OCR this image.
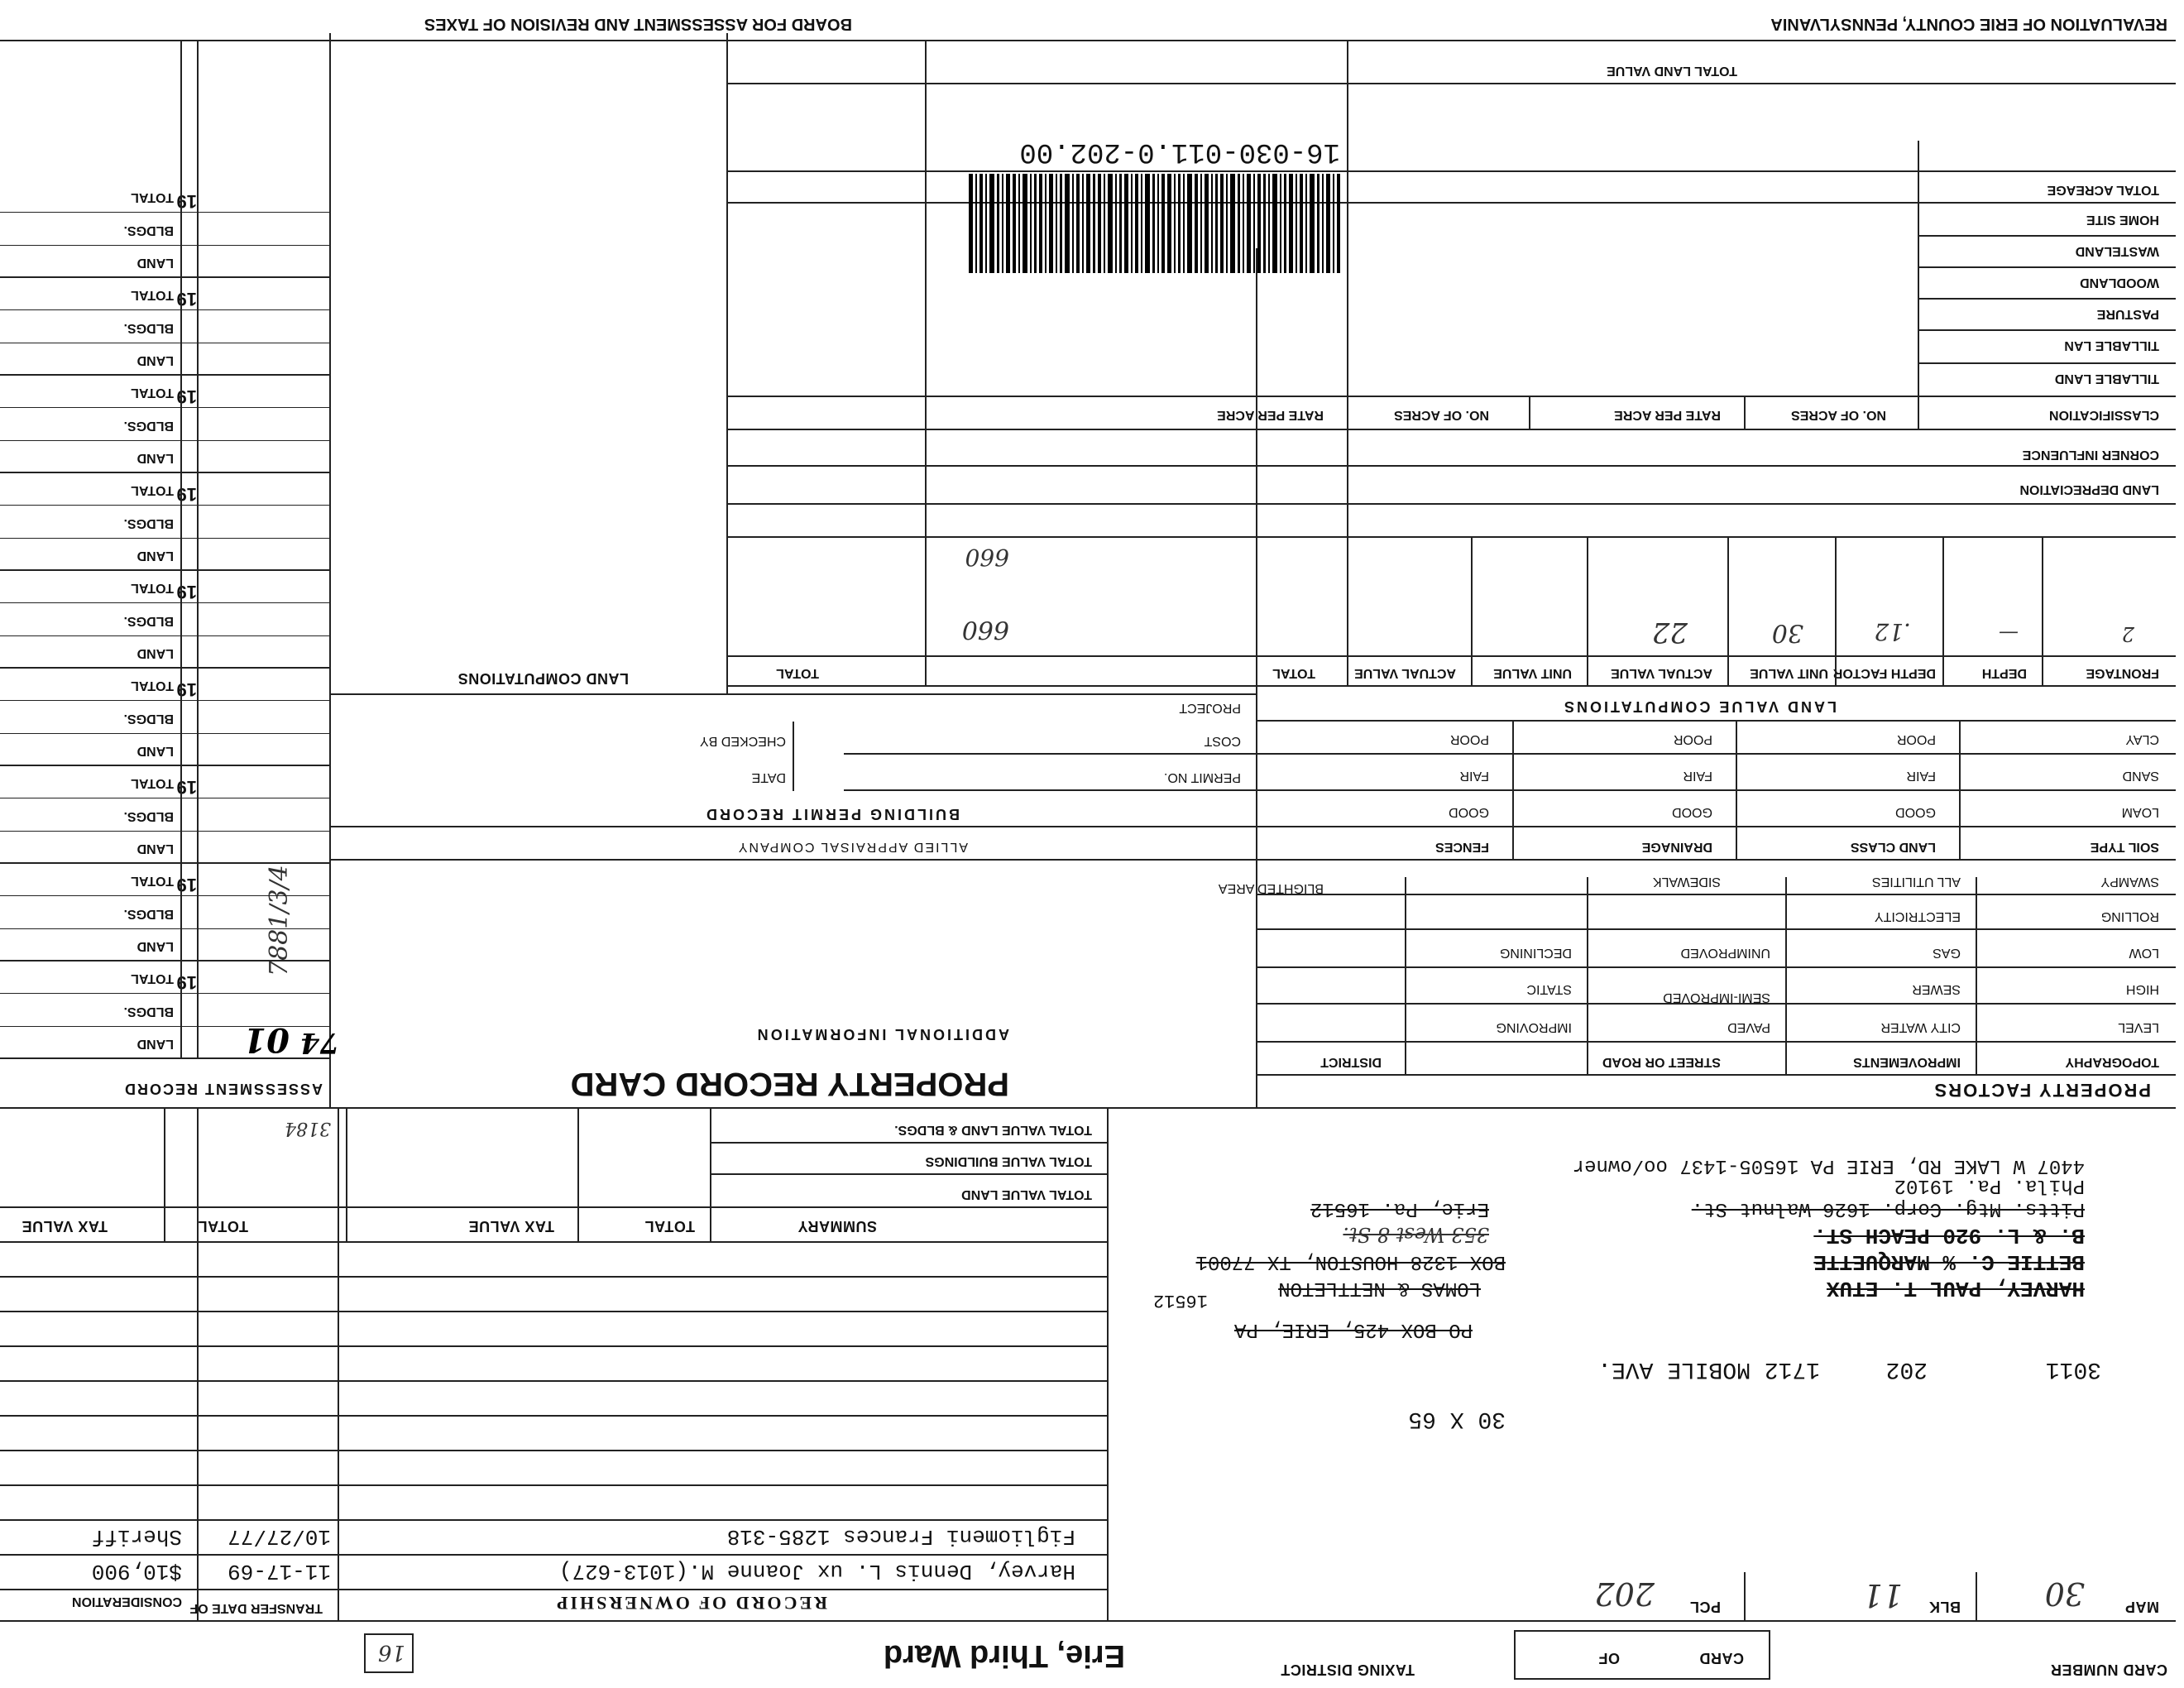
REVALUATION OF ERIE COUNTY, PENNSYLVANIA
BOARD FOR ASSESSMENT AND REVISION OF TAXES
CARD NUMBER
CARD
OF
TAXING DISTRICT
Erie, Third Ward
16
MAP
30
BLK
11
PCL
202
3011
202
1712 MOBILE AVE.
30 X 65
HARVEY, PAUL T. ETUX
BETTIE C. % MARQUETTE
B. & L. 920 PEACH ST.
LOMAS & NETTLETON
16512
BOX 1328 HOUSTON, TX 77001
353 West 8 St.
PO BOX 425, ERIE, PA
Pitts. Mtg. Corp. 1626 Walnut St.
Erie, Pa. 16512
Phila. Pa. 19102
4407 W LAKE RD, ERIE PA 16505-1437 oo/owner
RECORD OF OWNERSHIP
TRANSFER DATE OF
CONSIDERATION
Harvey, Dennis L. ux Joanne M.(1013-627)
11-17-69
$10,900
Figliomeni Frances 1285-318
10/27/77
Sheriff
SUMMARY
TOTAL
TAX VALUE
TOTAL
TAX VALUE
TOTAL VALUE LAND
TOTAL VALUE BUILDINGS
TOTAL VALUE LAND & BLDGS.
3184
PROPERTY FACTORS
PROPERTY RECORD CARD
ASSESSMENT RECORD
TOPOGRAPHY
IMPROVEMENTS
STREET OR ROAD
DISTRICT
LEVEL
CITY WATER
PAVED
IMPROVING
HIGH
SEWER
SEMI-IMPROVED
STATIC
LOW
GAS
UNIMPROVED
DECLINING
ROLLING
ELECTRICITY
SWAMPY
ALL UTILITIES
SIDEWALK
BLIGHTED AREA
SOIL TYPE
LAND CLASS
DRAINAGE
FENCES
LOAM
GOOD
GOOD
GOOD
SAND
FAIR
FAIR
FAIR
CLAY
POOR
POOR
POOR
ADDITIONAL INFORMATION
ALLIED APPRAISAL COMPANY
BUILDING PERMIT RECORD
PERMIT NO.
DATE
COST
CHECKED BY
PROJECT	LAND VALUE COMPUTATIONS
LAND COMPUTATIONS	FRONTAGE
DEPTH
DEPTH FACTOR
UNIT VALUE
ACTUAL VALUE
UNIT VALUE
ACTUAL VALUE
TOTAL
TOTAL
2
—
.12
30
22
660
LAND DEPRECIATION
CORNER INFLUENCE
CLASSIFICATION
NO. OF ACRES
RATE PER ACRE
NO. OF ACRES
RATE PER ACRE
TILLABLE LAND
TILLABLE LAN
PASTURE
WOODLAND
WASTELAND
HOME SITE
TOTAL ACREAGE
TOTAL LAND VALUE
16-030-011.0-202.00
660
01 74
7881/3/4
19
LAND
BLDGS.
TOTAL
19
LAND
BLDGS.
TOTAL
19
LAND
BLDGS.
TOTAL
19
LAND
BLDGS.
TOTAL
19
LAND
BLDGS.
TOTAL
19
LAND
BLDGS.
TOTAL
19
LAND
BLDGS.
TOTAL
19
LAND
BLDGS.
TOTAL
19
LAND
BLDGS.
TOTAL
